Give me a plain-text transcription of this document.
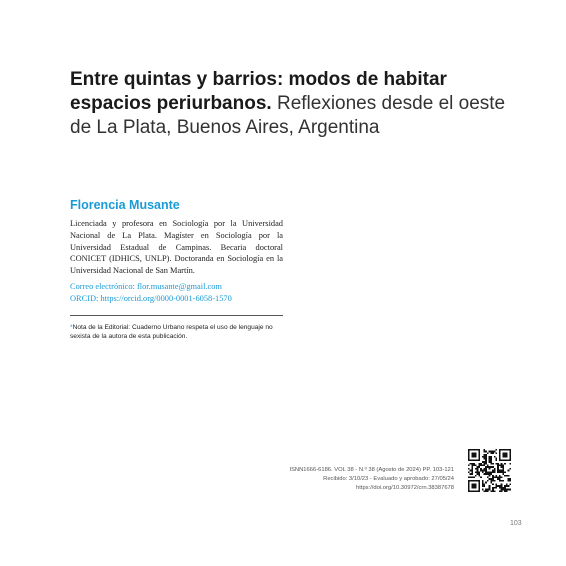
Entre quintas y barrios: modos de habitar espacios periurbanos. Reflexiones desde el oeste de La Plata, Buenos Aires, Argentina
Florencia Musante

Licenciada y profesora en Sociología por la Universidad Nacional de La Plata. Magíster en Sociología por la Universidad Estadual de Campinas. Becaria doctoral CONICET (IDHICS, UNLP). Doctoranda en Sociología en la Universidad Nacional de San Martín.

Correo electrónico: flor.musante@gmail.com
ORCID: https://orcid.org/0000-0001-6058-1570

*Nota de la Editorial: Cuaderno Urbano respeta el uso de lenguaje no sexista de la autora de esta publicación.

ISNN1666-6186. VOL 38 - N.º 38 (Agosto de 2024) PP. 103-121
Recibido: 3/10/23 - Evaluado y aprobado: 27/05/24
https://doi.org/10.30972/crn.38387678
103
